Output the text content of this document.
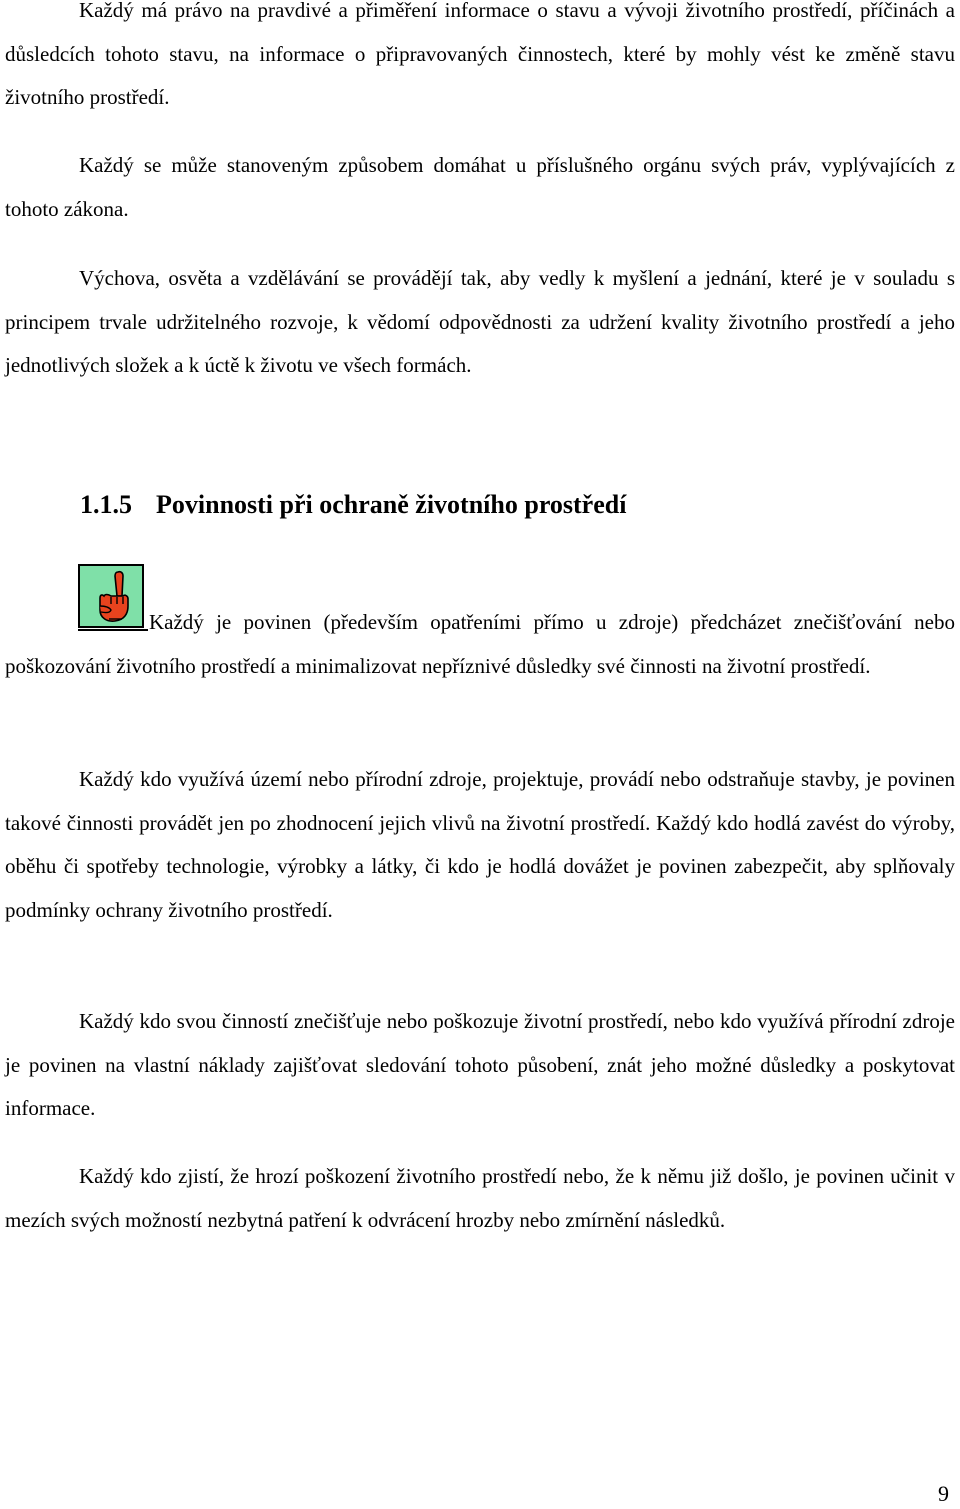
Každý má právo na pravdivé a přiměření informace o stavu a vývoji životního prostředí, příčinách a důsledcích tohoto stavu, na informace o připravovaných činnostech, které by mohly vést ke změně stavu životního prostředí.

Každý se může stanoveným způsobem domáhat u příslušného orgánu svých práv, vyplývajících z tohoto zákona.

Výchova, osvěta a vzdělávání se provádějí tak, aby vedly k myšlení a jednání, které je v souladu s principem trvale udržitelného rozvoje, k vědomí odpovědnosti za udržení kvality životního prostředí a jeho jednotlivých složek a k úctě k životu ve všech formách.

1.1.5 Povinnosti při ochraně životního prostředí

Každý je povinen (především opatřeními přímo u zdroje) předcházet znečišťování nebo poškozování životního prostředí a minimalizovat nepříznivé důsledky své činnosti na životní prostředí.

Každý kdo využívá území nebo přírodní zdroje, projektuje, provádí nebo odstraňuje stavby, je povinen takové činnosti provádět jen po zhodnocení jejich vlivů na životní prostředí. Každý kdo hodlá zavést do výroby, oběhu či spotřeby technologie, výrobky a látky, či kdo je hodlá dovážet je povinen zabezpečit, aby splňovaly podmínky ochrany životního prostředí.

Každý kdo svou činností znečišťuje nebo poškozuje životní prostředí, nebo kdo využívá přírodní zdroje je povinen na vlastní náklady zajišťovat sledování tohoto působení, znát jeho možné důsledky a poskytovat informace.

Každý kdo zjistí, že hrozí poškození životního prostředí nebo, že k němu již došlo, je povinen učinit v mezích svých možností nezbytná patření k odvrácení hrozby nebo zmírnění následků.

9
